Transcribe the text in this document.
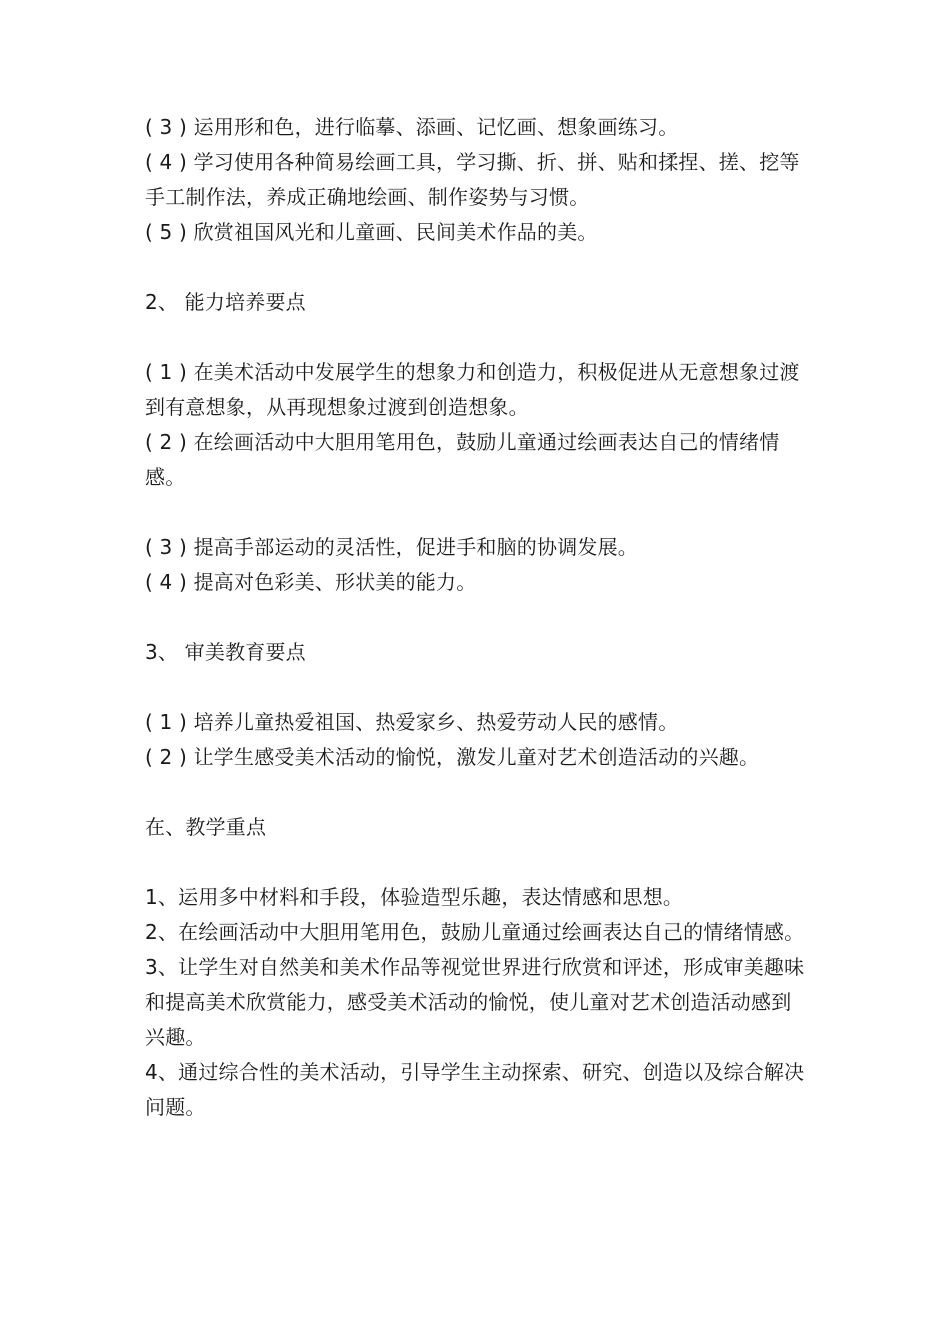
( 3 ) 运用形和色，进行临摹、添画、记忆画、想象画练习。

( 4 ) 学习使用各种简易绘画工具，学习撕、折、拼、贴和揉捏、搓、挖等手工制作法，养成正确地绘画、制作姿势与习惯。

( 5 ) 欣赏祖国风光和儿童画、民间美术作品的美。

2、 能力培养要点

( 1 ) 在美术活动中发展学生的想象力和创造力，积极促进从无意想象过渡到有意想象，从再现想象过渡到创造想象。

( 2 ) 在绘画活动中大胆用笔用色，鼓励儿童通过绘画表达自己的情绪情感。

( 3 ) 提高手部运动的灵活性，促进手和脑的协调发展。

( 4 ) 提高对色彩美、形状美的能力。

3、 审美教育要点

( 1 ) 培养儿童热爱祖国、热爱家乡、热爱劳动人民的感情。

( 2 ) 让学生感受美术活动的愉悦，激发儿童对艺术创造活动的兴趣。

在、教学重点

1、运用多中材料和手段，体验造型乐趣，表达情感和思想。

2、在绘画活动中大胆用笔用色，鼓励儿童通过绘画表达自己的情绪情感。

3、让学生对自然美和美术作品等视觉世界进行欣赏和评述，形成审美趣味和提高美术欣赏能力，感受美术活动的愉悦，使儿童对艺术创造活动感到兴趣。

4、通过综合性的美术活动，引导学生主动探索、研究、创造以及综合解决问题。
